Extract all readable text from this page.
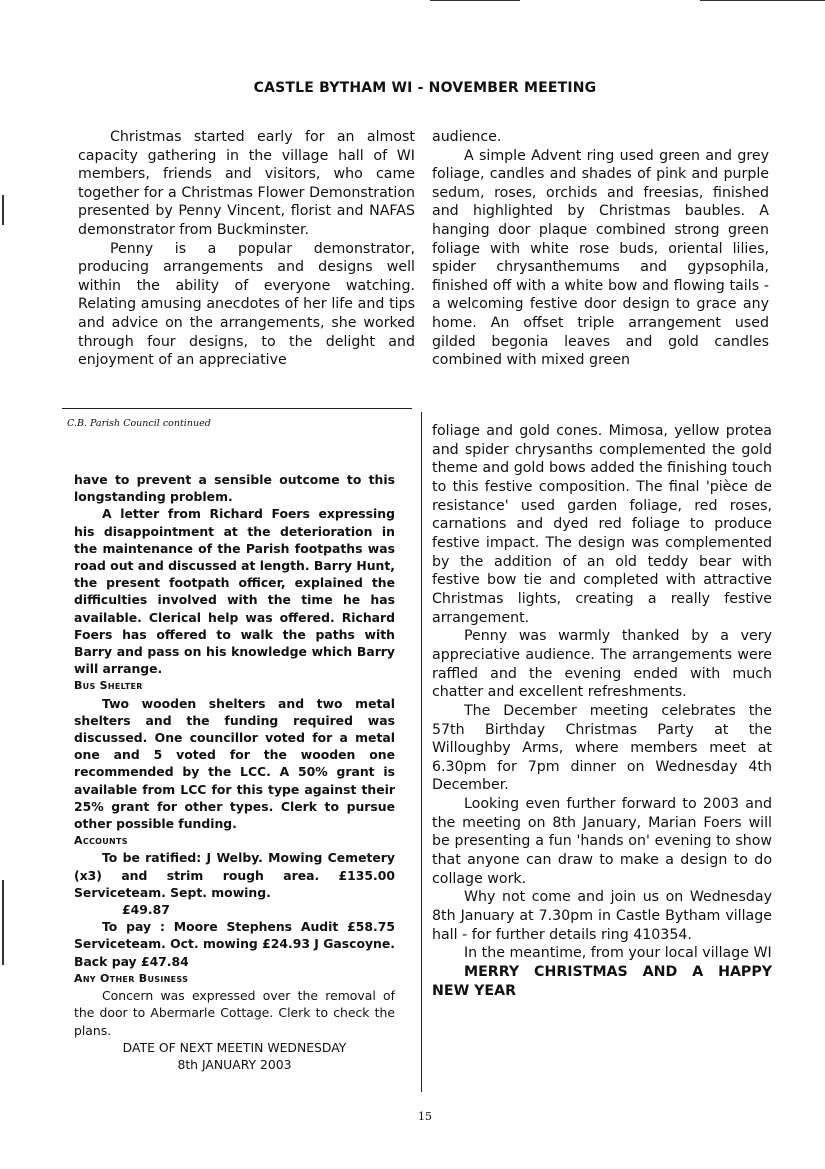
CASTLE BYTHAM WI - NOVEMBER MEETING

Christmas started early for an almost capacity gathering in the village hall of WI members, friends and visitors, who came together for a Christmas Flower Demonstration presented by Penny Vincent, florist and NAFAS demonstrator from Buckminster.

Penny is a popular demonstrator, producing arrangements and designs well within the ability of everyone watching. Relating amusing anecdotes of her life and tips and advice on the arrangements, she worked through four designs, to the delight and enjoyment of an appreciative

audience.

A simple Advent ring used green and grey foliage, candles and shades of pink and purple sedum, roses, orchids and freesias, finished and highlighted by Christmas baubles. A hanging door plaque combined strong green foliage with white rose buds, oriental lilies, spider chrysanthemums and gypsophila, finished off with a white bow and flowing tails - a welcoming festive door design to grace any home. An offset triple arrangement used gilded begonia leaves and gold candles combined with mixed green

C.B. Parish Council continued

have to prevent a sensible outcome to this longstanding problem.

A letter from Richard Foers expressing his disappointment at the deterioration in the maintenance of the Parish footpaths was road out and discussed at length. Barry Hunt, the present footpath officer, explained the difficulties involved with the time he has available. Clerical help was offered. Richard Foers has offered to walk the paths with Barry and pass on his knowledge which Barry will arrange.

Bus Shelter

Two wooden shelters and two metal shelters and the funding required was discussed. One councillor voted for a metal one and 5 voted for the wooden one recommended by the LCC. A 50% grant is available from LCC for this type against their 25% grant for other types. Clerk to pursue other possible funding.

Accounts

To be ratified: J Welby. Mowing Cemetery (x3) and strim rough area. £135.00 Serviceteam. Sept. mowing.

£49.87

To pay : Moore Stephens Audit £58.75 Serviceteam. Oct. mowing £24.93 J Gascoyne. Back pay £47.84

Any Other Business

Concern was expressed over the removal of the door to Abermarle Cottage. Clerk to check the plans.

DATE OF NEXT MEETIN WEDNESDAY

8th JANUARY 2003

foliage and gold cones. Mimosa, yellow protea and spider chrysanths complemented the gold theme and gold bows added the finishing touch to this festive composition. The final 'pièce de resistance' used garden foliage, red roses, carnations and dyed red foliage to produce festive impact. The design was complemented by the addition of an old teddy bear with festive bow tie and completed with attractive Christmas lights, creating a really festive arrangement.

Penny was warmly thanked by a very appreciative audience. The arrangements were raffled and the evening ended with much chatter and excellent refreshments.

The December meeting celebrates the 57th Birthday Christmas Party at the Willoughby Arms, where members meet at 6.30pm for 7pm dinner on Wednesday 4th December.

Looking even further forward to 2003 and the meeting on 8th January, Marian Foers will be presenting a fun 'hands on' evening to show that anyone can draw to make a design to do collage work.

Why not come and join us on Wednesday 8th January at 7.30pm in Castle Bytham village hall - for further details ring 410354.

In the meantime, from your local village WI

MERRY CHRISTMAS AND A HAPPY NEW YEAR

15
